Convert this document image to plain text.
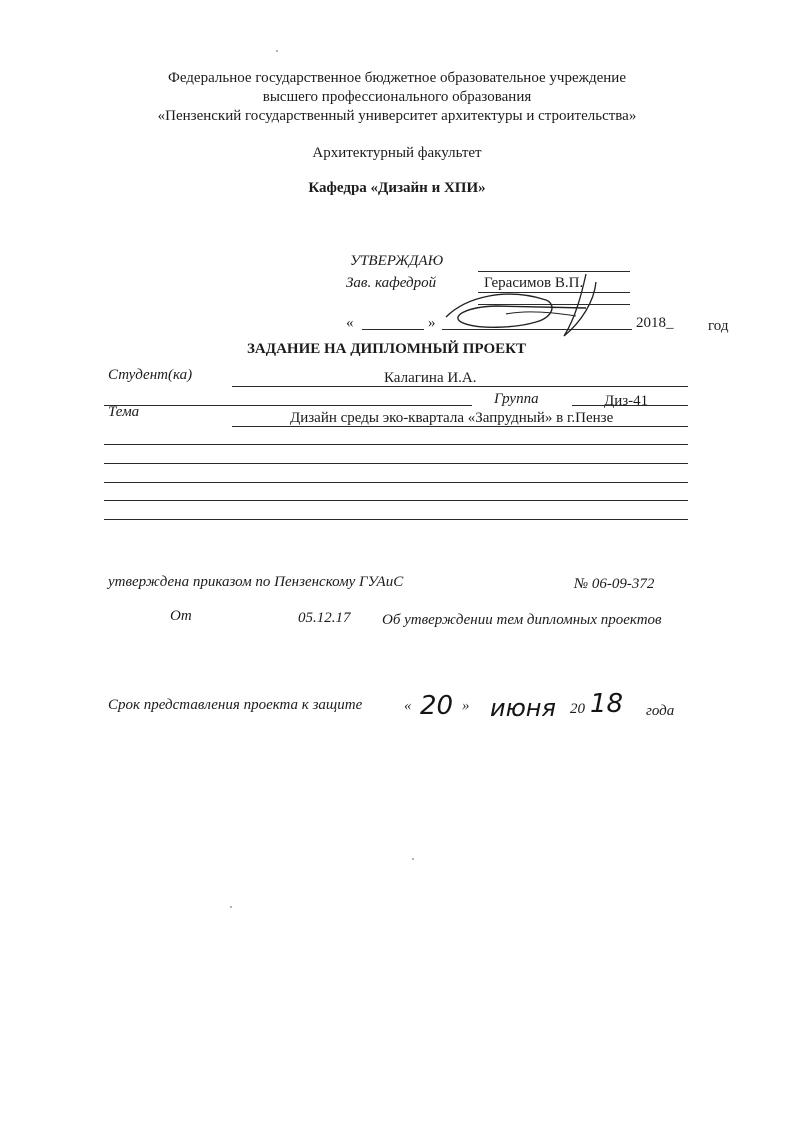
Федеральное государственное бюджетное образовательное учреждение
высшего профессионального образования
«Пензенский государственный университет архитектуры и строительства»
Архитектурный факультет
Кафедра «Дизайн и ХПИ»
УТВЕРЖДАЮ
Зав. кафедрой	Герасимов В.П.
«	»	2018_ год
ЗАДАНИЕ НА ДИПЛОМНЫЙ ПРОЕКТ
Студент(ка)	Калагина И.А.
Группа	Диз-41
Тема	Дизайн среды эко-квартала «Запрудный» в г.Пензе
утверждена приказом по Пензенскому ГУАиС	№ 06-09-372
От	05.12.17 Об утверждении тем дипломных проектов
Срок представления проекта к защите	« 20 » июня 20 18 года
